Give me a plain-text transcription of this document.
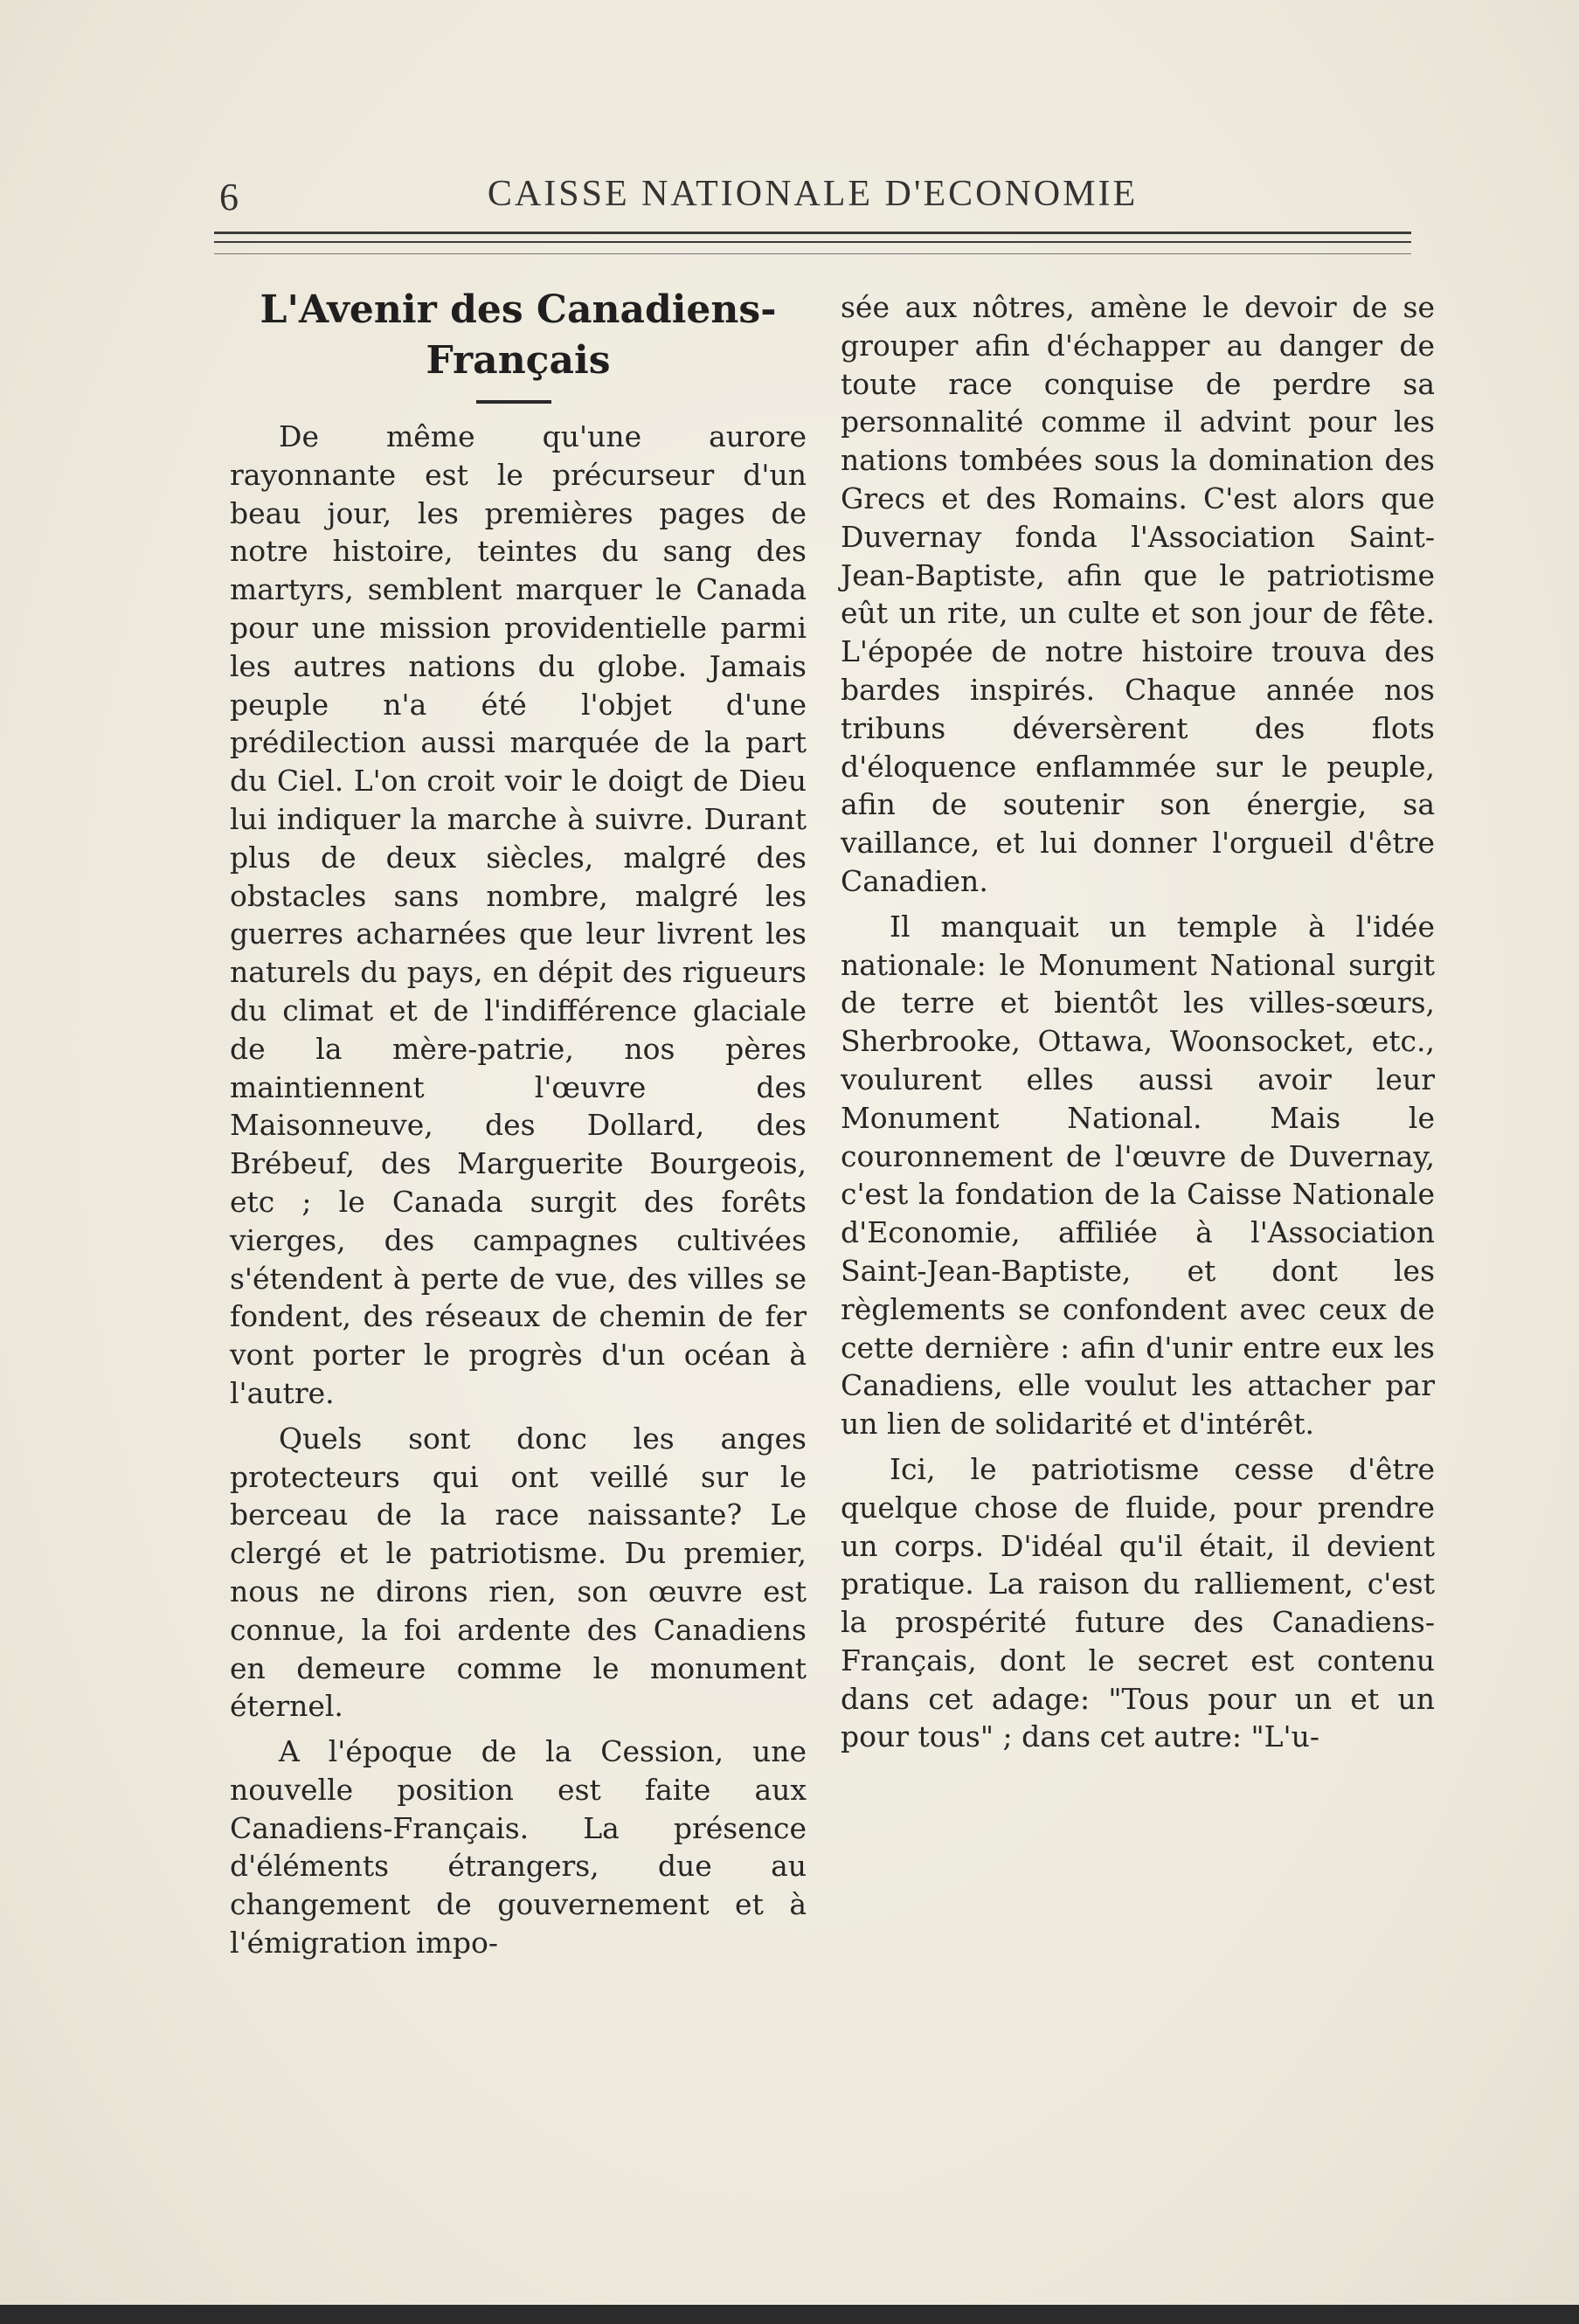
6	CAISSE NATIONALE D'ECONOMIE
L'Avenir des Canadiens-
Français

De même qu'une aurore rayonnante est le précurseur d'un beau jour, les premières pages de notre histoire, teintes du sang des martyrs, semblent marquer le Canada pour une mission providentielle parmi les autres nations du globe. Jamais peuple n'a été l'objet d'une prédilection aussi marquée de la part du Ciel. L'on croit voir le doigt de Dieu lui indiquer la marche à suivre. Durant plus de deux siècles, malgré des obstacles sans nombre, malgré les guerres acharnées que leur livrent les naturels du pays, en dépit des rigueurs du climat et de l'indifférence glaciale de la mère-patrie, nos pères maintiennent l'œuvre des Maisonneuve, des Dollard, des Brébeuf, des Marguerite Bourgeois, etc ; le Canada surgit des forêts vierges, des campagnes cultivées s'étendent à perte de vue, des villes se fondent, des réseaux de chemin de fer vont porter le progrès d'un océan à l'autre.

Quels sont donc les anges protecteurs qui ont veillé sur le berceau de la race naissante? Le clergé et le patriotisme. Du premier, nous ne dirons rien, son œuvre est connue, la foi ardente des Canadiens en demeure comme le monument éternel.

A l'époque de la Cession, une nouvelle position est faite aux Canadiens-Français. La présence d'éléments étrangers, due au changement de gouvernement et à l'émigration impo-

sée aux nôtres, amène le devoir de se grouper afin d'échapper au danger de toute race conquise de perdre sa personnalité comme il advint pour les nations tombées sous la domination des Grecs et des Romains. C'est alors que Duvernay fonda l'Association Saint-Jean-Baptiste, afin que le patriotisme eût un rite, un culte et son jour de fête. L'épopée de notre histoire trouva des bardes inspirés. Chaque année nos tribuns déversèrent des flots d'éloquence enflammée sur le peuple, afin de soutenir son énergie, sa vaillance, et lui donner l'orgueil d'être Canadien.

Il manquait un temple à l'idée nationale: le Monument National surgit de terre et bientôt les villes-sœurs, Sherbrooke, Ottawa, Woonsocket, etc., voulurent elles aussi avoir leur Monument National. Mais le couronnement de l'œuvre de Duvernay, c'est la fondation de la Caisse Nationale d'Economie, affiliée à l'Association Saint-Jean-Baptiste, et dont les règlements se confondent avec ceux de cette dernière : afin d'unir entre eux les Canadiens, elle voulut les attacher par un lien de solidarité et d'intérêt.

Ici, le patriotisme cesse d'être quelque chose de fluide, pour prendre un corps. D'idéal qu'il était, il devient pratique. La raison du ralliement, c'est la prospérité future des Canadiens-Français, dont le secret est contenu dans cet adage: "Tous pour un et un pour tous" ; dans cet autre: "L'u-
